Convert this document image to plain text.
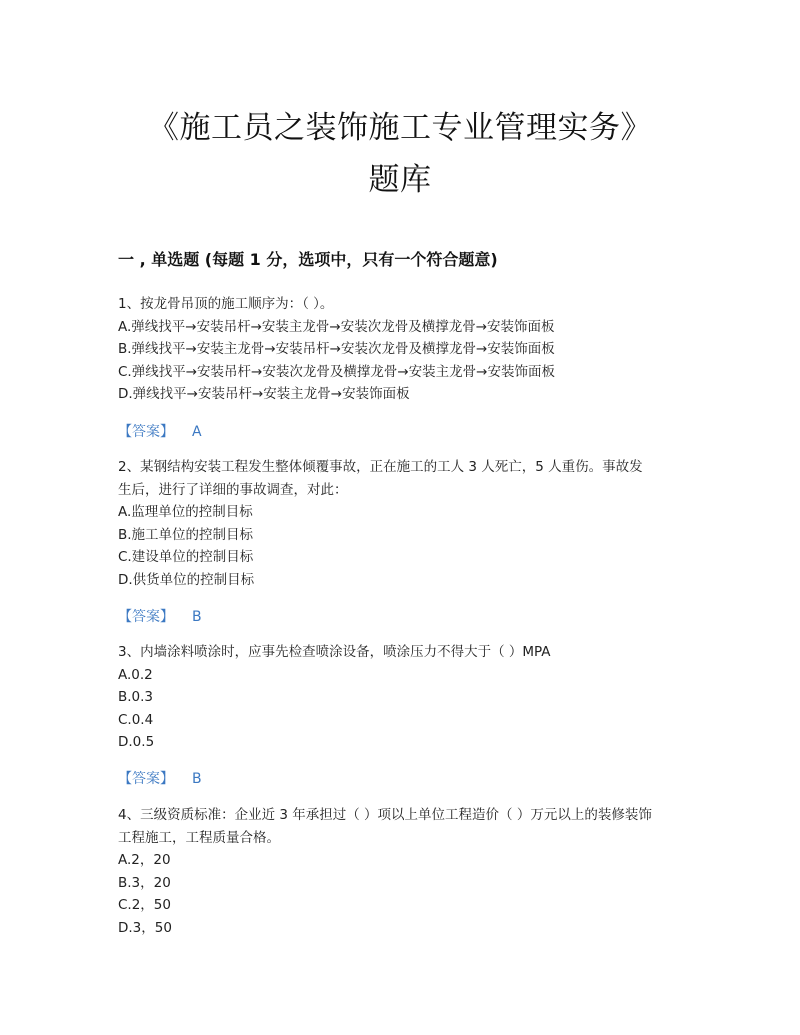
《施工员之装饰施工专业管理实务》
题库
一 , 单选题 (每题 1 分，选项中，只有一个符合题意)
1、按龙骨吊顶的施工顺序为：（ ）。
A.弹线找平→安装吊杆→安装主龙骨→安装次龙骨及横撑龙骨→安装饰面板
B.弹线找平→安装主龙骨→安装吊杆→安装次龙骨及横撑龙骨→安装饰面板
C.弹线找平→安装吊杆→安装次龙骨及横撑龙骨→安装主龙骨→安装饰面板
D.弹线找平→安装吊杆→安装主龙骨→安装饰面板
【答案】 A
2、某钢结构安装工程发生整体倾覆事故，正在施工的工人 3 人死亡，5 人重伤。事故发
生后，进行了详细的事故调查，对此：
A.监理单位的控制目标
B.施工单位的控制目标
C.建设单位的控制目标
D.供货单位的控制目标
【答案】 B
3、内墙涂料喷涂时，应事先检查喷涂设备，喷涂压力不得大于（ ）MPA
A.0.2
B.0.3
C.0.4
D.0.5
【答案】 B
4、三级资质标准：企业近 3 年承担过（ ）项以上单位工程造价（ ）万元以上的装修装饰
工程施工，工程质量合格。
A.2，20
B.3，20
C.2，50
D.3，50
